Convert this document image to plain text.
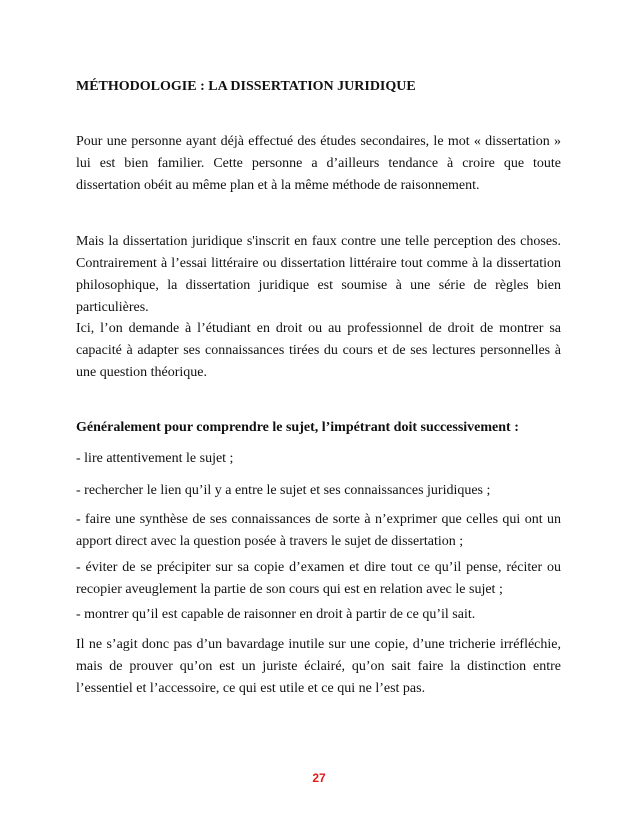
MÉTHODOLOGIE : LA DISSERTATION JURIDIQUE

Pour une personne ayant déjà effectué des études secondaires, le mot « dissertation » lui est bien familier. Cette personne a d’ailleurs tendance à croire que toute dissertation obéit au même plan et à la même méthode de raisonnement.

Mais la dissertation juridique s'inscrit en faux contre une telle perception des choses. Contrairement à l’essai littéraire ou dissertation littéraire tout comme à la dissertation philosophique, la dissertation juridique est soumise à une série de règles bien particulières.

Ici, l’on demande à l’étudiant en droit ou au professionnel de droit de montrer sa capacité à adapter ses connaissances tirées du cours et de ses lectures personnelles à une question théorique.

Généralement pour comprendre le sujet, l’impétrant doit successivement :

- lire attentivement le sujet ;

- rechercher le lien qu’il y a entre le sujet et ses connaissances juridiques ;

- faire une synthèse de ses connaissances de sorte à n’exprimer que celles qui ont un apport direct avec la question posée à travers le sujet de dissertation ;

- éviter de se précipiter sur sa copie d’examen et dire tout ce qu’il pense, réciter ou recopier aveuglement la partie de son cours qui est en relation avec le sujet ;

- montrer qu’il est capable de raisonner en droit à partir de ce qu’il sait.

Il ne s’agit donc pas d’un bavardage inutile sur une copie, d’une tricherie irréfléchie, mais de prouver qu’on est un juriste éclairé, qu’on sait faire la distinction entre l’essentiel et l’accessoire, ce qui est utile et ce qui ne l’est pas.

27
